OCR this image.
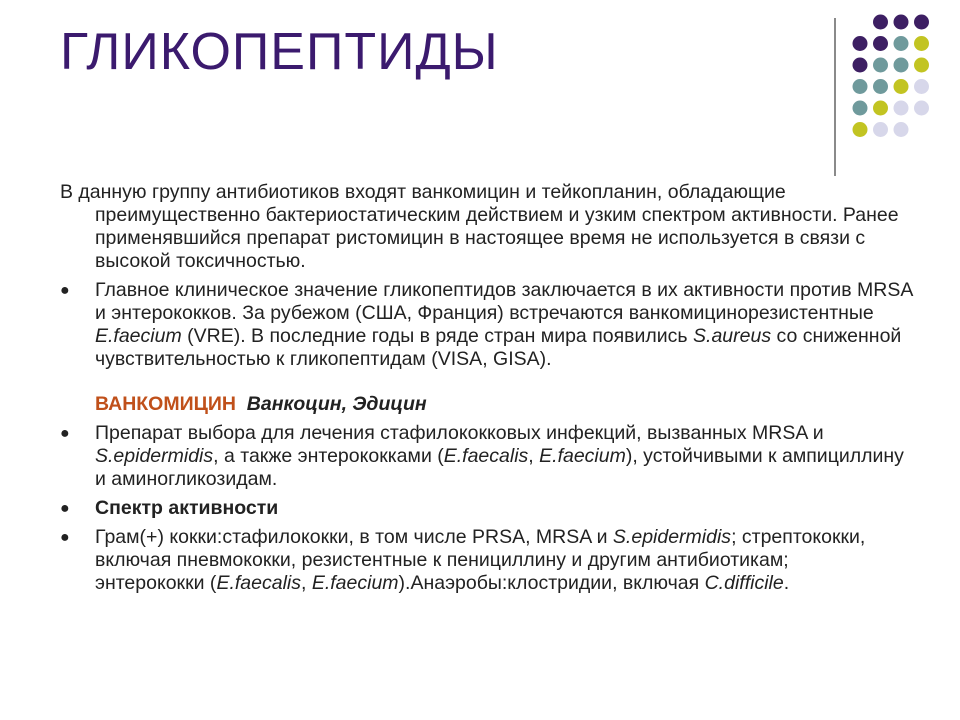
ГЛИКОПЕПТИДЫ

В данную группу антибиотиков входят ванкомицин и тейкопланин, обладающие
преимущественно бактериостатическим действием и узким спектром активности. Ранее применявшийся препарат ристомицин в настоящее время не используется в связи с высокой токсичностью.

● Главное клиническое значение гликопептидов заключается в их активности против MRSA и энтерококков. За рубежом (США, Франция) встречаются ванкомицинорезистентные E.faecium (VRE). В последние годы в ряде стран мира появились S.aureus со сниженной чувствительностью к гликопептидам (VISA, GISA).
ВАНКОМИЦИН Ванкоцин, Эдицин
● Препарат выбора для лечения стафилококковых инфекций, вызванных MRSA и S.epidermidis, а также энтерококками (E.faecalis, E.faecium), устойчивыми к ампициллину и аминогликозидам.
● Спектр активности
● Грам(+) кокки:стафилококки, в том числе PRSA, MRSA и S.epidermidis; стрептококки, включая пневмококки, резистентные к пенициллину и другим антибиотикам;
энтерококки (E.faecalis, E.faecium).Анаэробы:клостридии, включая C.difficile.
